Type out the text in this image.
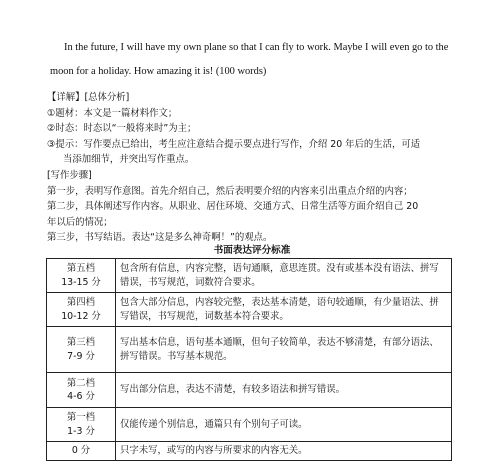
In the future, I will have my own plane so that I can fly to work. Maybe I will even go to the
moon for a holiday. How amazing it is! (100 words)
【详解】[总体分析]
①题材：本文是一篇材料作文；
②时态：时态以“一般将来时”为主；
③提示：写作要点已给出，考生应注意结合提示要点进行写作，介绍 20 年后的生活，可适
当添加细节，并突出写作重点。
[写作步骤]
第一步，表明写作意图。首先介绍自己，然后表明要介绍的内容来引出重点介绍的内容；
第二步，具体阐述写作内容。从职业、居住环境、交通方式、日常生活等方面介绍自己 20
年以后的情况；
第三步，书写结语。表达“这是多么神奇啊！”的观点。
书面表达评分标准
第五档
13-15 分	包含所有信息，内容完整，语句通顺，意思连贯。没有或基本没有语法、拼写错误，书写规范，词数符合要求。

第四档
10-12 分	包含大部分信息，内容较完整，表达基本清楚，语句较通顺，有少量语法、拼写错误，书写规范，词数基本符合要求。

第三档
7-9 分	写出基本信息，语句基本通顺，但句子较简单，表达不够清楚，有部分语法、拼写错误。书写基本规范。

第二档
4-6 分	写出部分信息，表达不清楚，有较多语法和拼写错误。

第一档
1-3 分	仅能传递个别信息，通篇只有个别句子可读。

0 分	只字未写，或写的内容与所要求的内容无关。
